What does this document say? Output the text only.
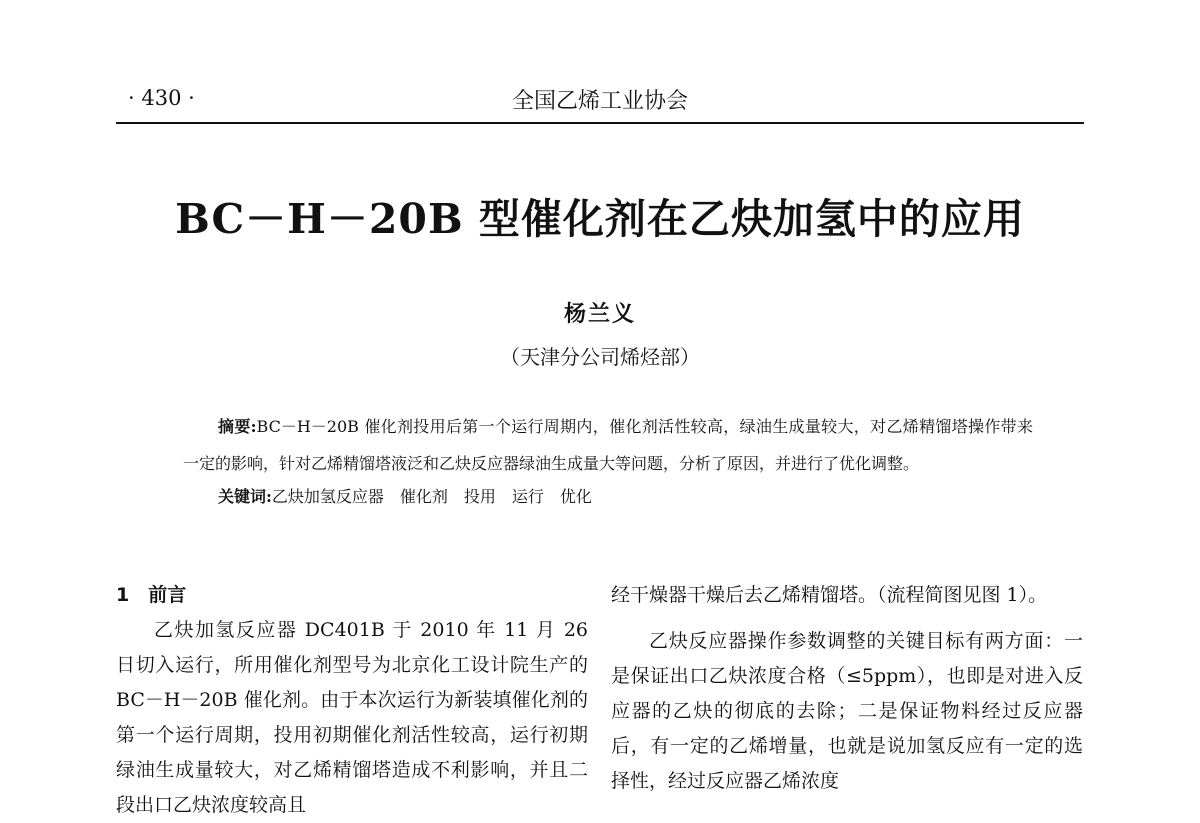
· 430 ·	全国乙烯工业协会
BC－H－20B 型催化剂在乙炔加氢中的应用
杨兰义
（天津分公司烯烃部）

摘要:BC－H－20B 催化剂投用后第一个运行周期内，催化剂活性较高，绿油生成量较大，对乙烯精馏塔操作带来一定的影响，针对乙烯精馏塔液泛和乙炔反应器绿油生成量大等问题，分析了原因，并进行了优化调整。

关键词:乙炔加氢反应器　催化剂　投用　运行　优化
1　前言

乙炔加氢反应器 DC401B 于 2010 年 11 月 26 日切入运行，所用催化剂型号为北京化工设计院生产的 BC－H－20B 催化剂。由于本次运行为新装填催化剂的第一个运行周期，投用初期催化剂活性较高，运行初期绿油生成量较大，对乙烯精馏塔造成不利影响，并且二段出口乙炔浓度较高且

经干燥器干燥后去乙烯精馏塔。（流程简图见图 1）。

乙炔反应器操作参数调整的关键目标有两方面：一是保证出口乙炔浓度合格（≤5ppm），也即是对进入反应器的乙炔的彻底的去除；二是保证物料经过反应器后，有一定的乙烯增量，也就是说加氢反应有一定的选择性，经过反应器乙烯浓度
